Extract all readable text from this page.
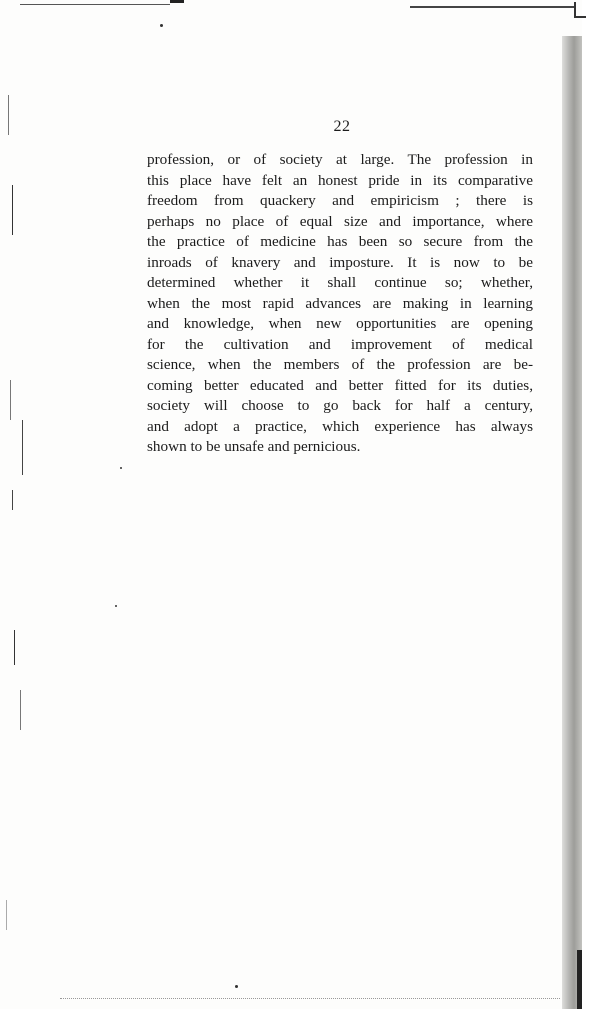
22
profession, or of society at large. The profession in
this place have felt an honest pride in its comparative
freedom from quackery and empiricism ; there is
perhaps no place of equal size and importance, where
the practice of medicine has been so secure from the
inroads of knavery and imposture. It is now to be
determined whether it shall continue so; whether,
when the most rapid advances are making in learning
and knowledge, when new opportunities are opening
for the cultivation and improvement of medical
science, when the members of the profession are be-
coming better educated and better fitted for its duties,
society will choose to go back for half a century,
and adopt a practice, which experience has always
shown to be unsafe and pernicious.
